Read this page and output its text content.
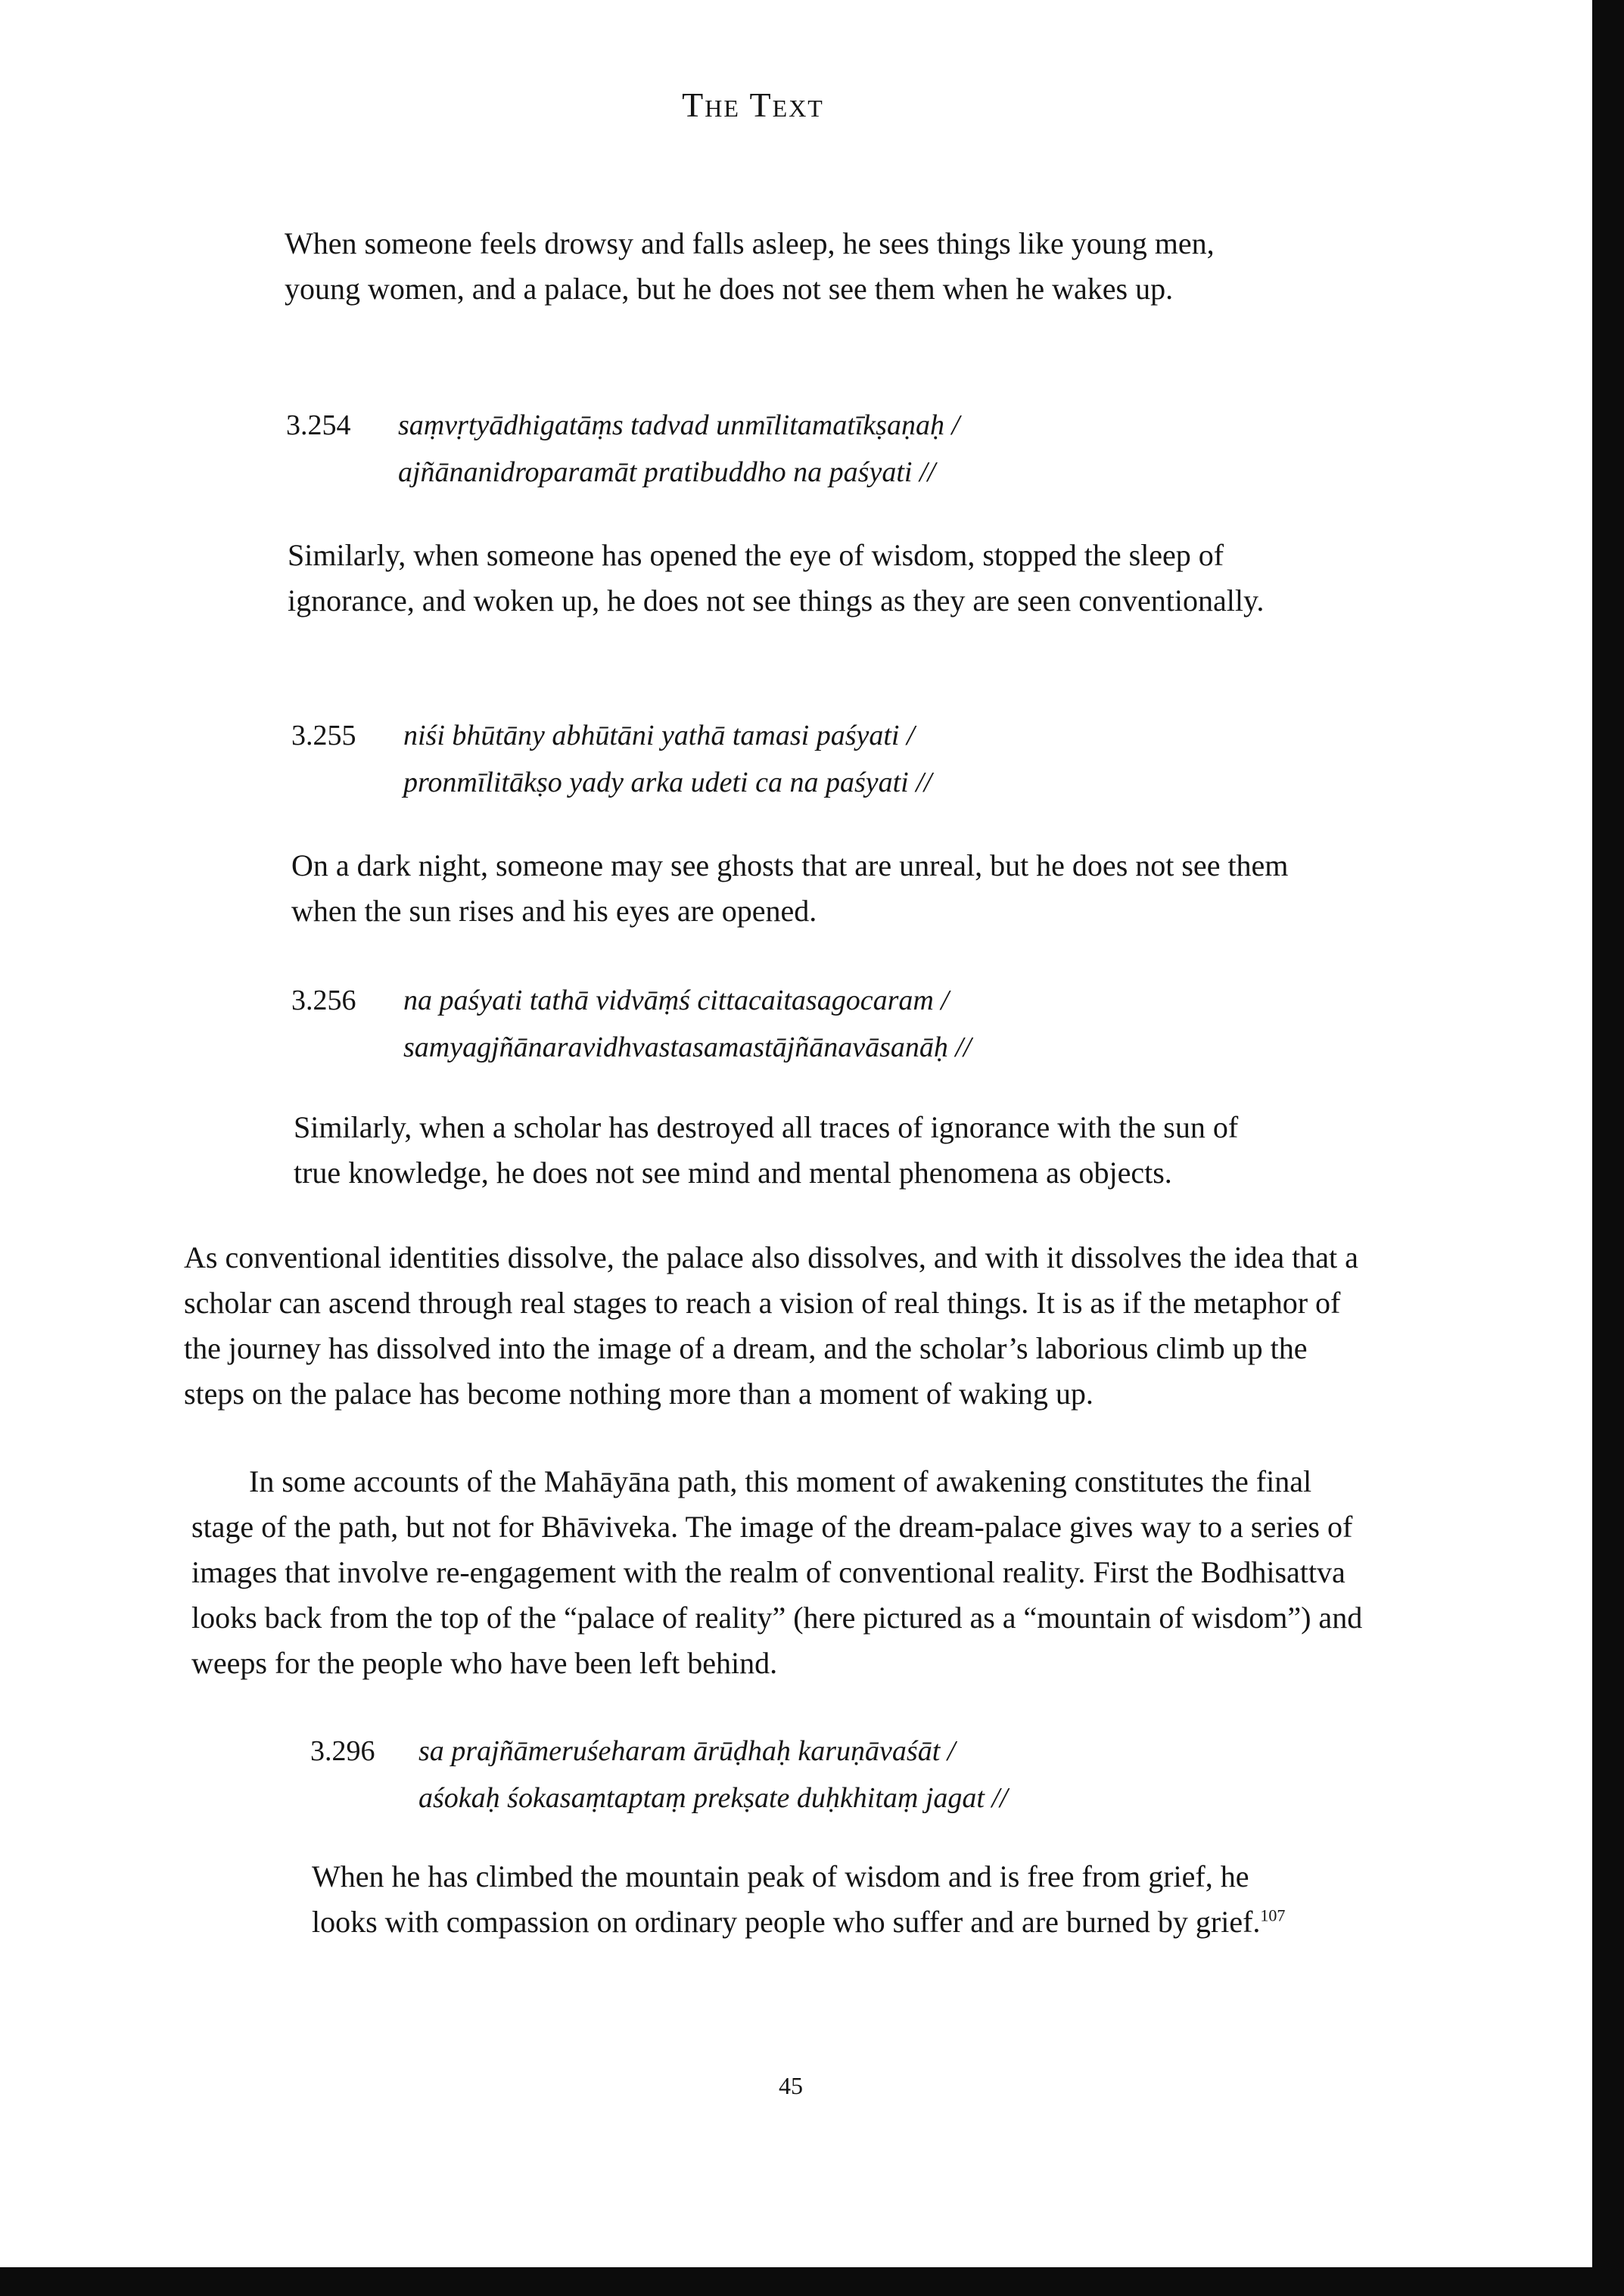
The Text

When someone feels drowsy and falls asleep, he sees things like young men, young women, and a palace, but he does not see them when he wakes up.

3.254 saṃvṛtyādhigatāṃs tadvad unmīlitamatīkṣaṇaḥ /
ajñānanidroparamāt pratibuddho na paśyati //

Similarly, when someone has opened the eye of wisdom, stopped the sleep of ignorance, and woken up, he does not see things as they are seen conventionally.

3.255 niśi bhūtāny abhūtāni yathā tamasi paśyati /
pronmīlitākṣo yady arka udeti ca na paśyati //

On a dark night, someone may see ghosts that are unreal, but he does not see them when the sun rises and his eyes are opened.

3.256 na paśyati tathā vidvāṃś cittacaitasagocaram /
samyagjñānaravidhvastasamastājñānavāsanāḥ //

Similarly, when a scholar has destroyed all traces of ignorance with the sun of true knowledge, he does not see mind and mental phenomena as objects.

As conventional identities dissolve, the palace also dissolves, and with it dissolves the idea that a scholar can ascend through real stages to reach a vision of real things. It is as if the metaphor of the journey has dissolved into the image of a dream, and the scholar’s laborious climb up the steps on the palace has become nothing more than a moment of waking up.

In some accounts of the Mahāyāna path, this moment of awakening constitutes the final stage of the path, but not for Bhāviveka. The image of the dream-palace gives way to a series of images that involve re-engagement with the realm of conventional reality. First the Bodhisattva looks back from the top of the “palace of reality” (here pictured as a “mountain of wisdom”) and weeps for the people who have been left behind.

3.296 sa prajñāmeruśeharam ārūḍhaḥ karuṇāvaśāt /
aśokaḥ śokasaṃtaptaṃ prekṣate duḥkhitaṃ jagat //

When he has climbed the mountain peak of wisdom and is free from grief, he looks with compassion on ordinary people who suffer and are burned by grief.$^{107}$

45
